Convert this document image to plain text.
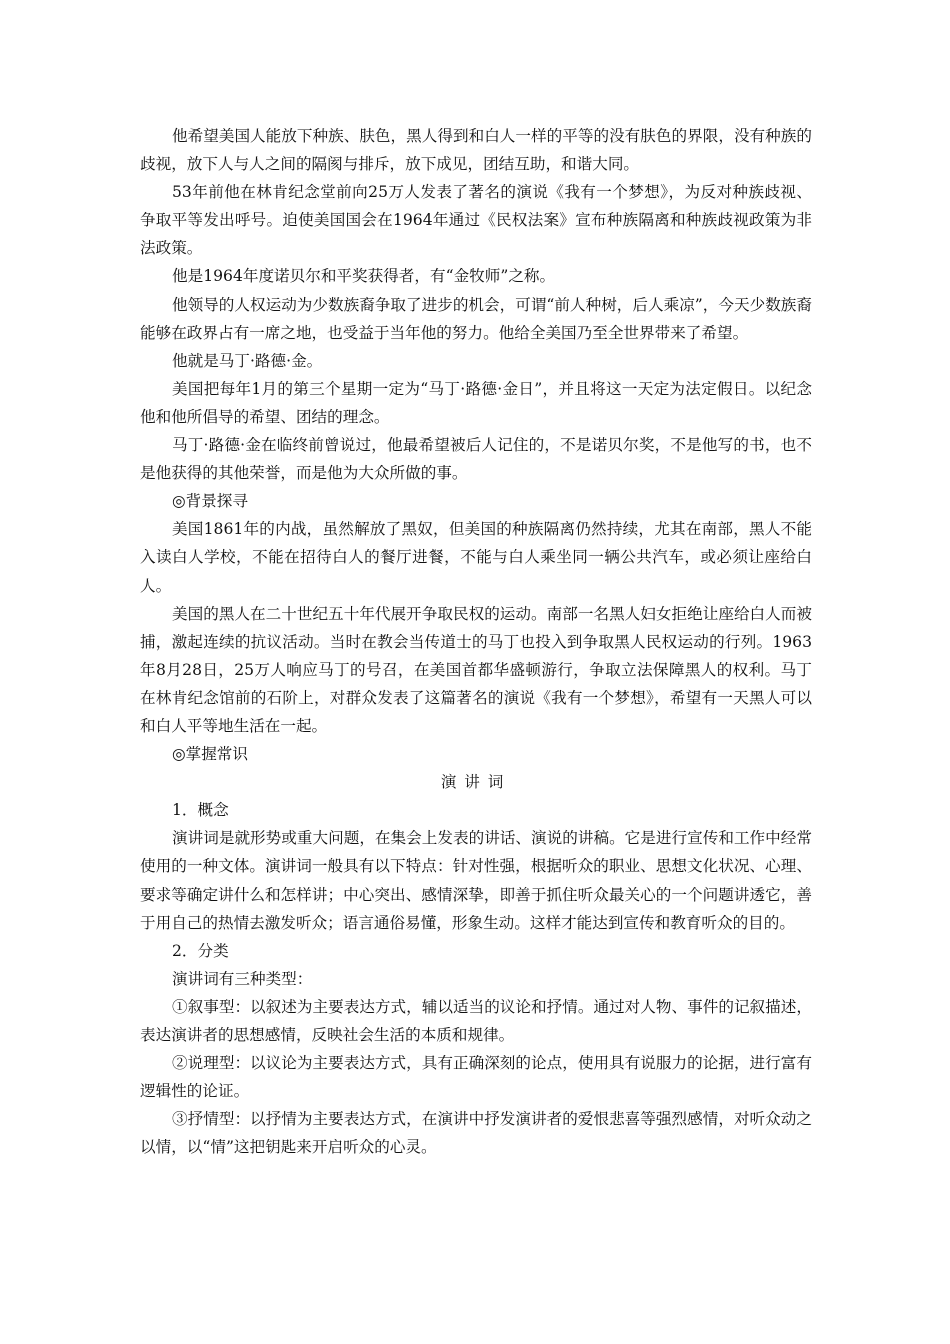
他希望美国人能放下种族、肤色，黑人得到和白人一样的平等的没有肤色的界限，没有种族的歧视，放下人与人之间的隔阂与排斥，放下成见，团结互助，和谐大同。

53年前他在林肯纪念堂前向25万人发表了著名的演说《我有一个梦想》，为反对种族歧视、争取平等发出呼号。迫使美国国会在1964年通过《民权法案》宣布种族隔离和种族歧视政策为非法政策。

他是1964年度诺贝尔和平奖获得者，有“金牧师”之称。

他领导的人权运动为少数族裔争取了进步的机会，可谓“前人种树，后人乘凉”，今天少数族裔能够在政界占有一席之地，也受益于当年他的努力。他给全美国乃至全世界带来了希望。

他就是马丁·路德·金。

美国把每年1月的第三个星期一定为“马丁·路德·金日”，并且将这一天定为法定假日。以纪念他和他所倡导的希望、团结的理念。

马丁·路德·金在临终前曾说过，他最希望被后人记住的，不是诺贝尔奖，不是他写的书，也不是他获得的其他荣誉，而是他为大众所做的事。

◎背景探寻

美国1861年的内战，虽然解放了黑奴，但美国的种族隔离仍然持续，尤其在南部，黑人不能入读白人学校，不能在招待白人的餐厅进餐，不能与白人乘坐同一辆公共汽车，或必须让座给白人。

美国的黑人在二十世纪五十年代展开争取民权的运动。南部一名黑人妇女拒绝让座给白人而被捕，激起连续的抗议活动。当时在教会当传道士的马丁也投入到争取黑人民权运动的行列。1963年8月28日，25万人响应马丁的号召，在美国首都华盛顿游行，争取立法保障黑人的权利。马丁在林肯纪念馆前的石阶上，对群众发表了这篇著名的演说《我有一个梦想》，希望有一天黑人可以和白人平等地生活在一起。

◎掌握常识

演讲词

1．概念

演讲词是就形势或重大问题，在集会上发表的讲话、演说的讲稿。它是进行宣传和工作中经常使用的一种文体。演讲词一般具有以下特点：针对性强，根据听众的职业、思想文化状况、心理、要求等确定讲什么和怎样讲；中心突出、感情深挚，即善于抓住听众最关心的一个问题讲透它，善于用自己的热情去激发听众；语言通俗易懂，形象生动。这样才能达到宣传和教育听众的目的。

2．分类

演讲词有三种类型：

①叙事型：以叙述为主要表达方式，辅以适当的议论和抒情。通过对人物、事件的记叙描述，表达演讲者的思想感情，反映社会生活的本质和规律。

②说理型：以议论为主要表达方式，具有正确深刻的论点，使用具有说服力的论据，进行富有逻辑性的论证。

③抒情型：以抒情为主要表达方式，在演讲中抒发演讲者的爱恨悲喜等强烈感情，对听众动之以情，以“情”这把钥匙来开启听众的心灵。
